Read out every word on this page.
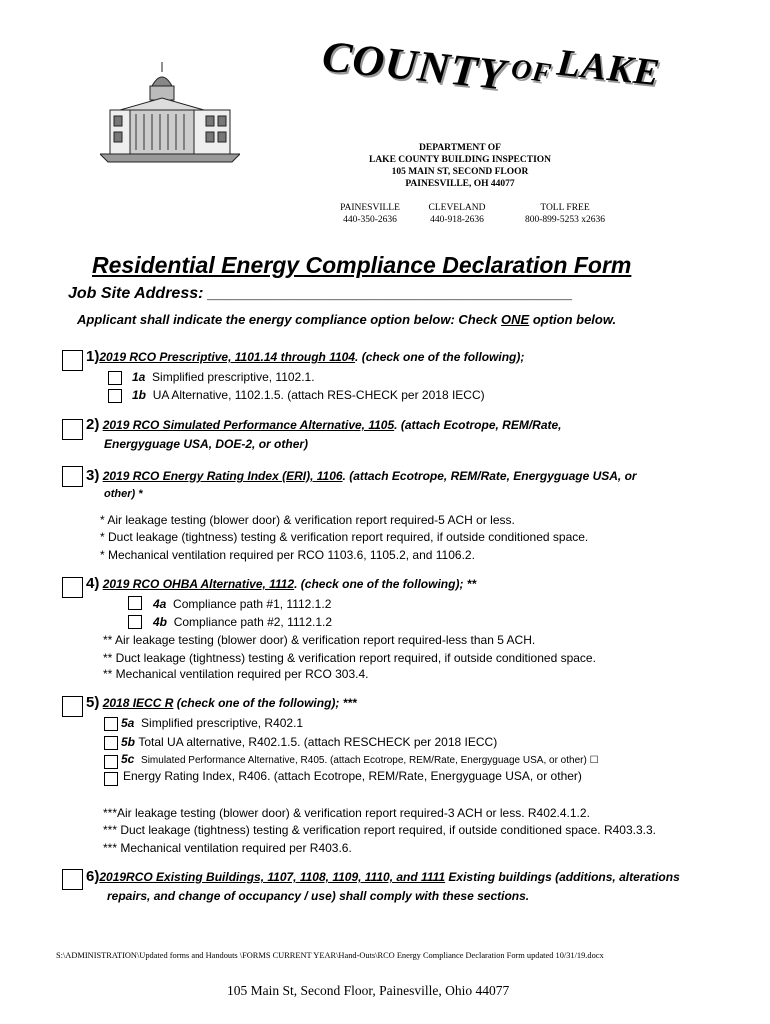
COUNTY OF LAKE
DEPARTMENT OF
LAKE COUNTY BUILDING INSPECTION
105 MAIN ST, SECOND FLOOR
PAINESVILLE, OH 44077
PAINESVILLE
440-350-2636
CLEVELAND
440-918-2636
TOLL FREE
800-899-5253 x2636
Residential Energy Compliance Declaration Form
Job Site Address: _________________________________________
Applicant shall indicate the energy compliance option below: Check ONE option below.
1)2019 RCO Prescriptive, 1101.14 through 1104. (check one of the following);
1a Simplified prescriptive, 1102.1.
1b UA Alternative, 1102.1.5. (attach RES-CHECK per 2018 IECC)
2) 2019 RCO Simulated Performance Alternative, 1105. (attach Ecotrope, REM/Rate,
Energyguage USA, DOE-2, or other)
3) 2019 RCO Energy Rating Index (ERI), 1106. (attach Ecotrope, REM/Rate, Energyguage USA, or
other) *
* Air leakage testing (blower door) & verification report required-5 ACH or less.
* Duct leakage (tightness) testing & verification report required, if outside conditioned space.
* Mechanical ventilation required per RCO 1103.6, 1105.2, and 1106.2.
4) 2019 RCO OHBA Alternative, 1112. (check one of the following); **
4a Compliance path #1, 1112.1.2
4b Compliance path #2, 1112.1.2
** Air leakage testing (blower door) & verification report required-less than 5 ACH.
** Duct leakage (tightness) testing & verification report required, if outside conditioned space.
** Mechanical ventilation required per RCO 303.4.
5) 2018 IECC R (check one of the following); ***
5a Simplified prescriptive, R402.1
5b Total UA alternative, R402.1.5. (attach RESCHECK per 2018 IECC)
5c Simulated Performance Alternative, R405. (attach Ecotrope, REM/Rate, Energyguage USA, or other) ☐
Energy Rating Index, R406. (attach Ecotrope, REM/Rate, Energyguage USA, or other)
***Air leakage testing (blower door) & verification report required-3 ACH or less. R402.4.1.2.
*** Duct leakage (tightness) testing & verification report required, if outside conditioned space. R403.3.3.
*** Mechanical ventilation required per R403.6.
6)2019RCO Existing Buildings, 1107, 1108, 1109, 1110, and 1111 Existing buildings (additions, alterations
repairs, and change of occupancy / use) shall comply with these sections.
S:\ADMINISTRATION\Updated forms and Handouts \FORMS CURRENT YEAR\Hand-Outs\RCO Energy Compliance Declaration Form updated 10/31/19.docx
105 Main St, Second Floor, Painesville, Ohio 44077
